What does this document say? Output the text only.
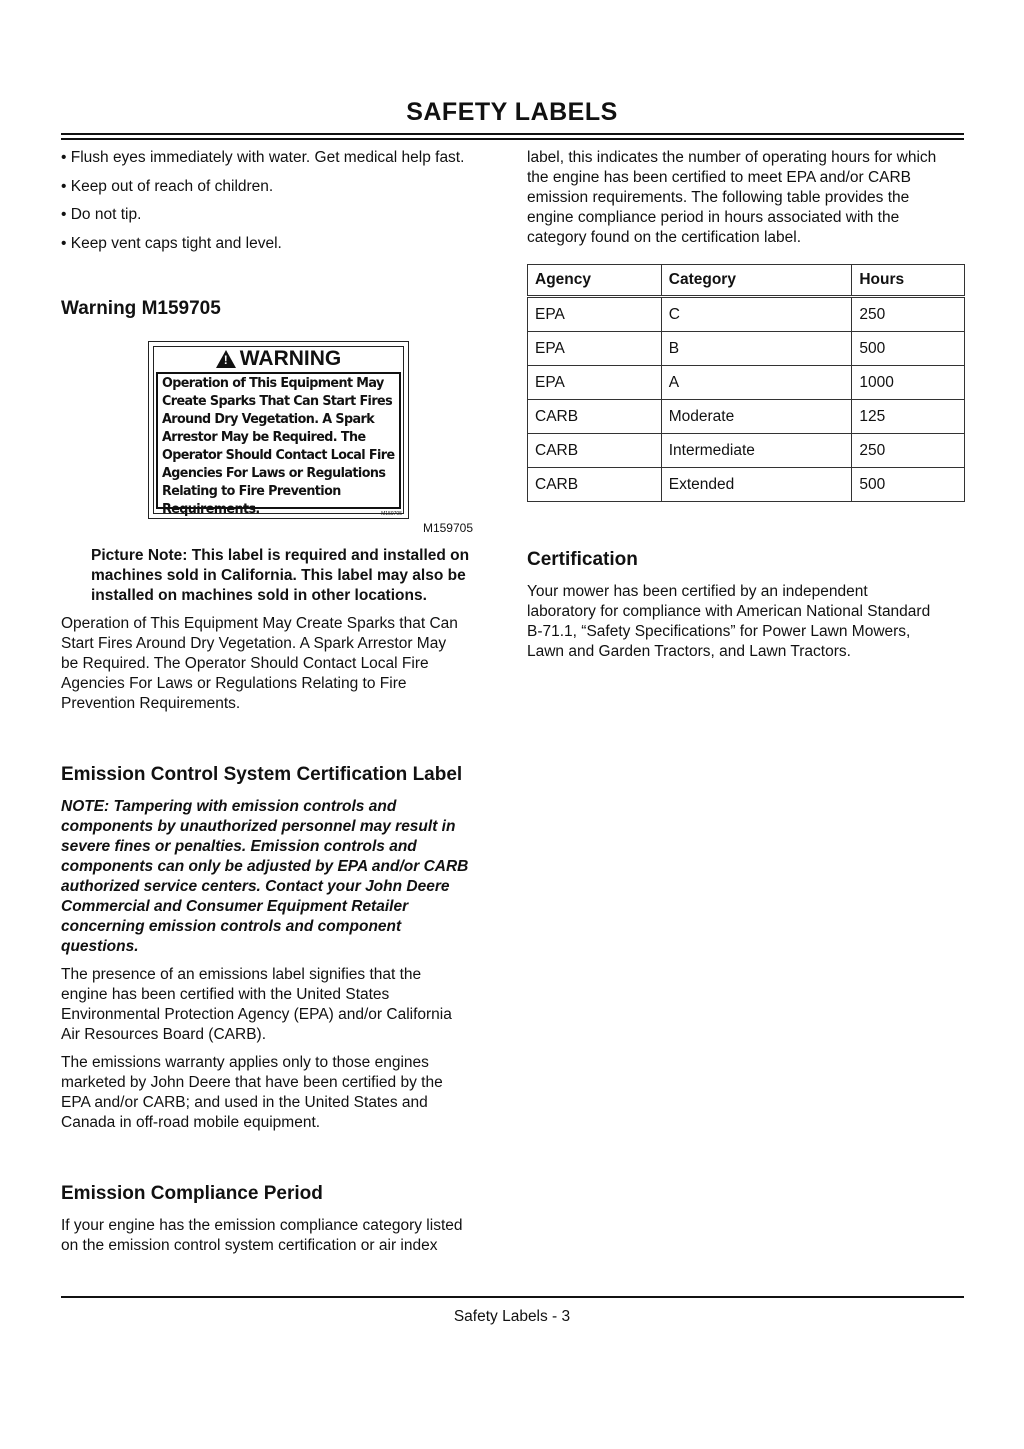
SAFETY LABELS

• Flush eyes immediately with water. Get medical help fast.

• Keep out of reach of children.

• Do not tip.

• Keep vent caps tight and level.

Warning M159705
! WARNING
Operation of This Equipment May
Create Sparks That Can Start Fires
Around Dry Vegetation. A Spark
Arrestor May be Required. The
Operator Should Contact Local Fire
Agencies For Laws or Regulations
Relating to Fire Prevention
Requirements.	M159705
M159705

Picture Note: This label is required and installed on

machines sold in California. This label may also be

installed on machines sold in other locations.

Operation of This Equipment May Create Sparks that Can

Start Fires Around Dry Vegetation. A Spark Arrestor May

be Required. The Operator Should Contact Local Fire

Agencies For Laws or Regulations Relating to Fire

Prevention Requirements.

Emission Control System Certification Label

NOTE: Tampering with emission controls and

components by unauthorized personnel may result in

severe fines or penalties. Emission controls and

components can only be adjusted by EPA and/or CARB

authorized service centers. Contact your John Deere

Commercial and Consumer Equipment Retailer

concerning emission controls and component

questions.

The presence of an emissions label signifies that the

engine has been certified with the United States

Environmental Protection Agency (EPA) and/or California

Air Resources Board (CARB).

The emissions warranty applies only to those engines

marketed by John Deere that have been certified by the

EPA and/or CARB; and used in the United States and

Canada in off-road mobile equipment.

Emission Compliance Period

If your engine has the emission compliance category listed

on the emission control system certification or air index

label, this indicates the number of operating hours for which

the engine has been certified to meet EPA and/or CARB

emission requirements. The following table provides the

engine compliance period in hours associated with the

category found on the certification label.

Agency	Category	Hours
EPA	C	250
EPA	B	500
EPA	A	1000
CARB	Moderate	125
CARB	Intermediate	250
CARB	Extended	500
Certification

Your mower has been certified by an independent

laboratory for compliance with American National Standard

B-71.1, “Safety Specifications” for Power Lawn Mowers,

Lawn and Garden Tractors, and Lawn Tractors.

Safety Labels - 3
